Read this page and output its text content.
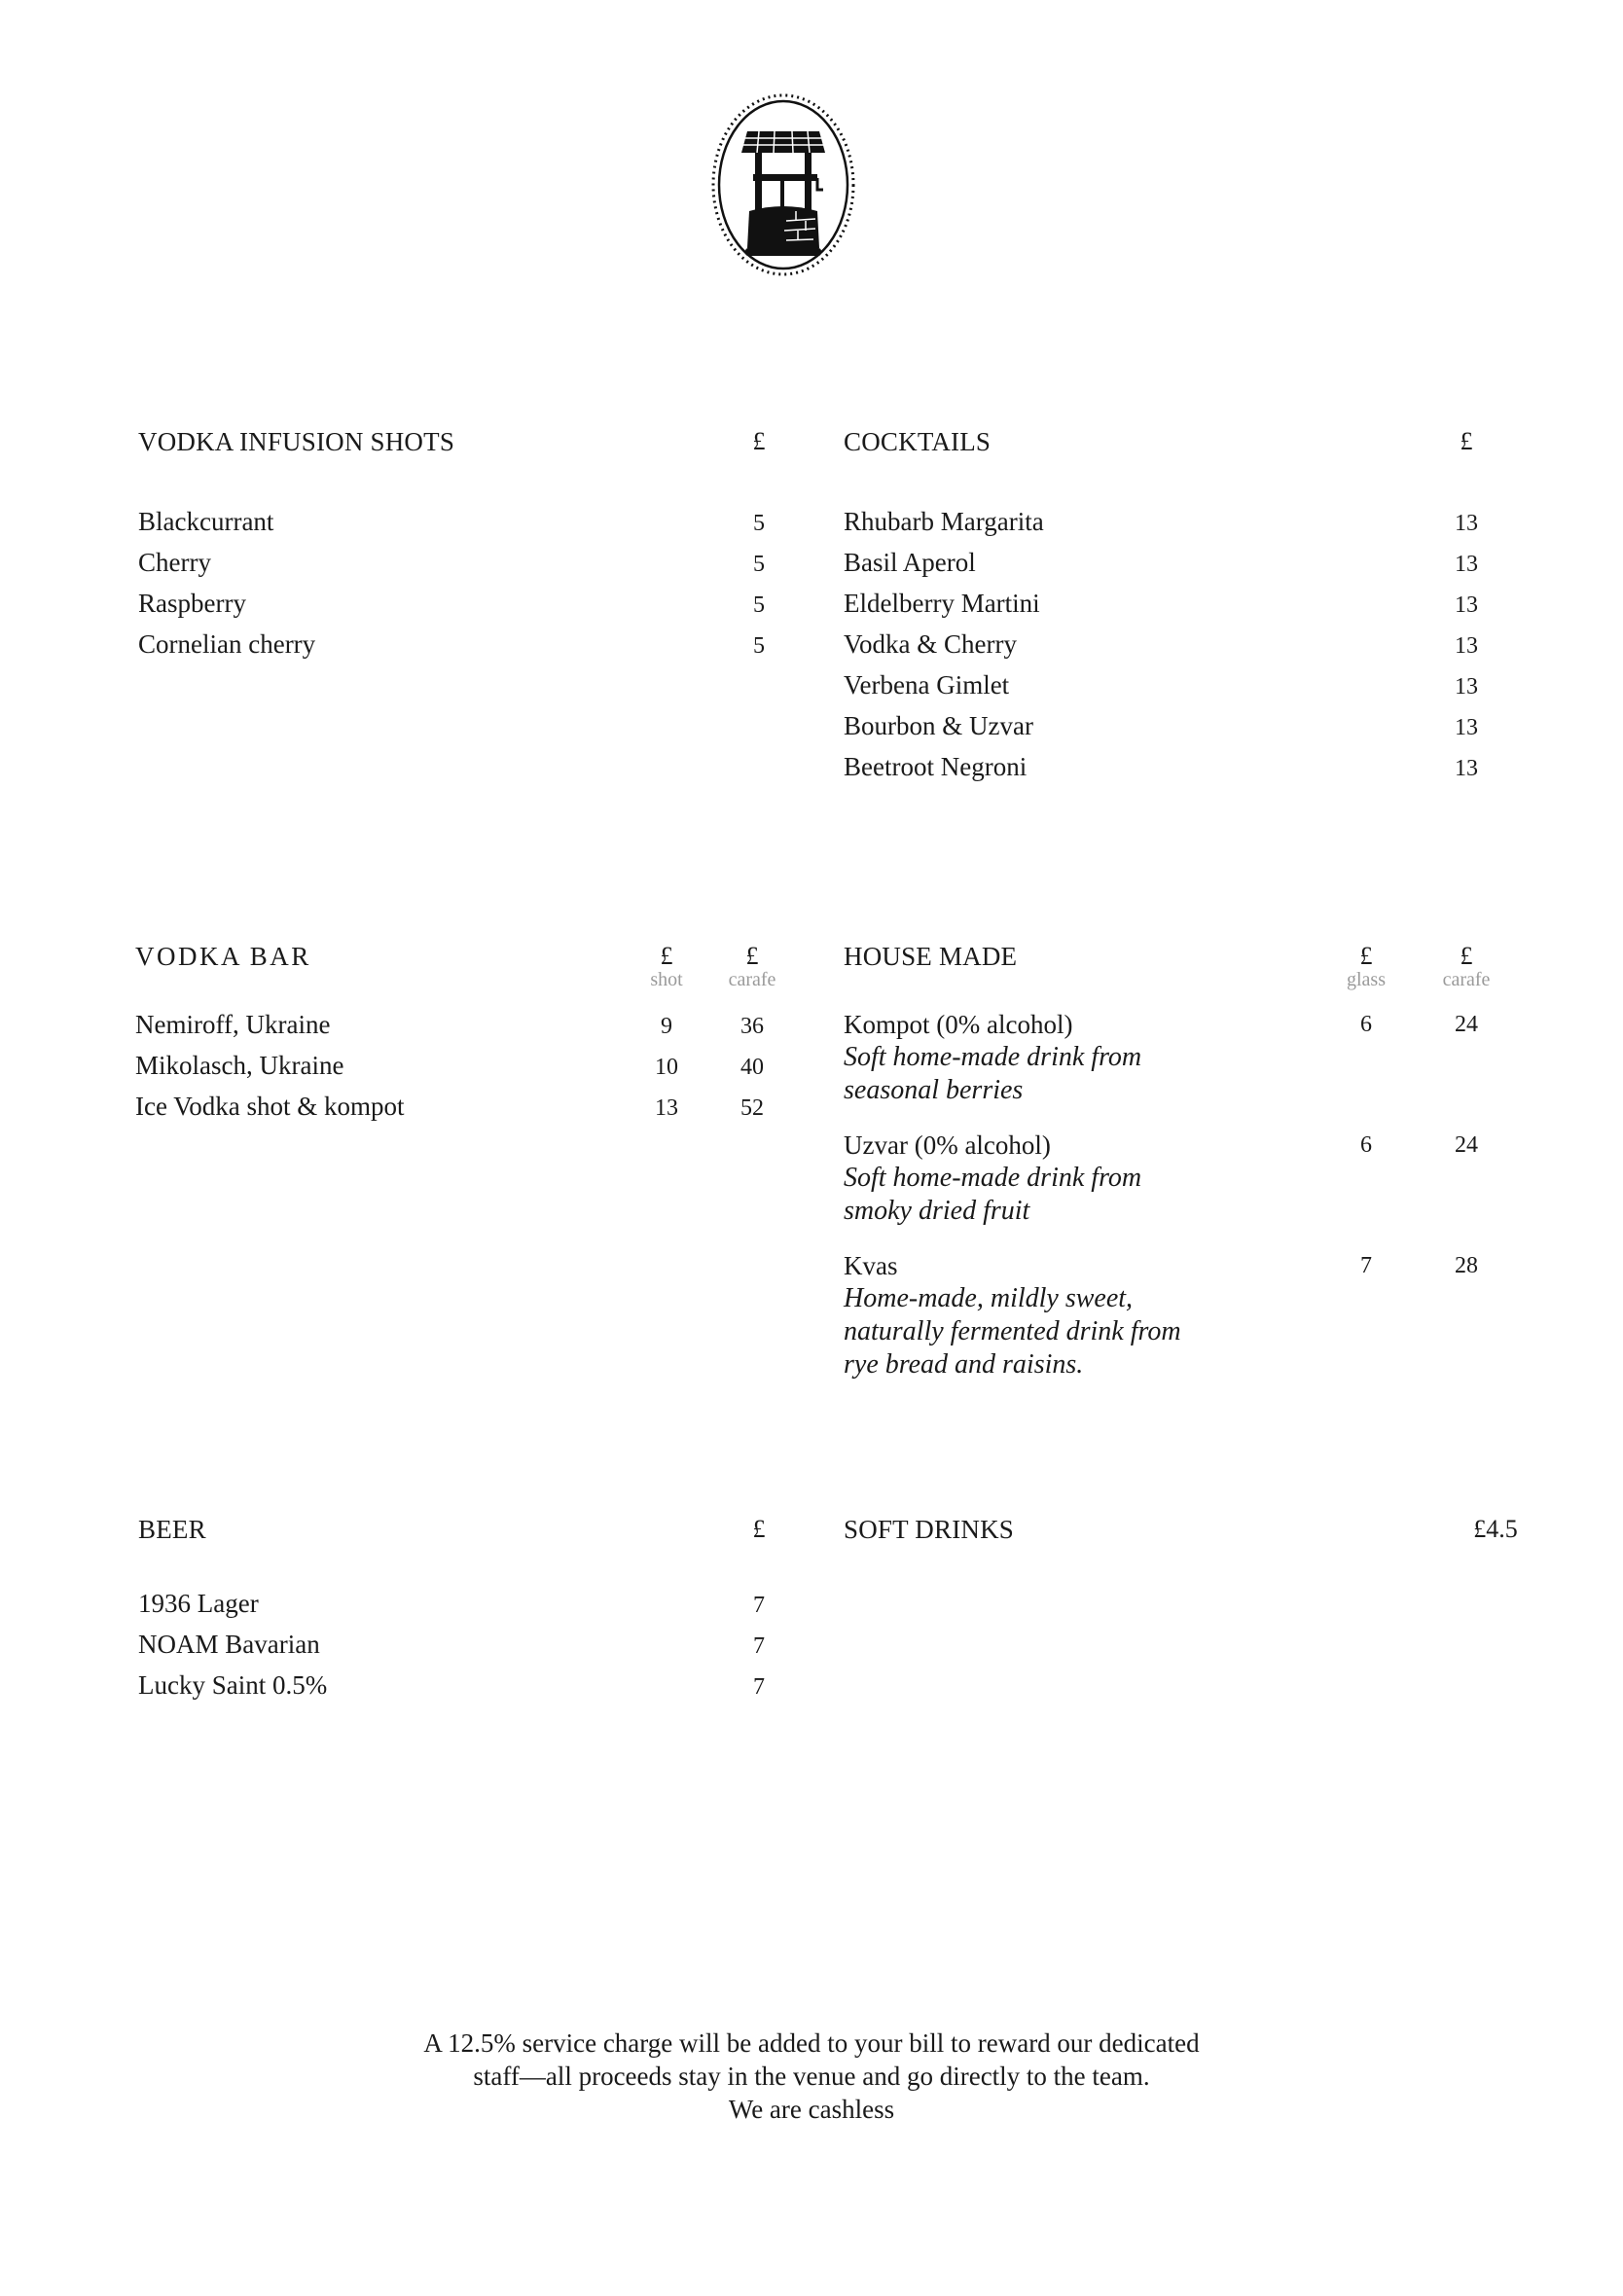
VODKA INFUSION SHOTS	£
Blackcurrant	5
Cherry	5
Raspberry	5
Cornelian cherry	5
COCKTAILS	£
Rhubarb Margarita	13
Basil Aperol	13
Eldelberry Martini	13
Vodka & Cherry	13
Verbena Gimlet	13
Bourbon & Uzvar	13
Beetroot Negroni	13
VODKA BAR	£
shot
£
carafe
Nemiroff, Ukraine	9	36
Mikolasch, Ukraine	10	40
Ice Vodka shot & kompot	13	52
HOUSE MADE	£
glass
£
carafe
Kompot (0% alcohol)
Soft home-made drink from
seasonal berries
6	24
Uzvar (0% alcohol)
Soft home-made drink from
smoky dried fruit
6	24
Kvas
Home-made, mildly sweet,
naturally fermented drink from
rye bread and raisins.
7	28
BEER	£
1936 Lager	7
NOAM Bavarian	7
Lucky Saint 0.5%	7
SOFT DRINKS	£4.5
A 12.5% service charge will be added to your bill to reward our dedicated
staff—all proceeds stay in the venue and go directly to the team.
We are cashless
